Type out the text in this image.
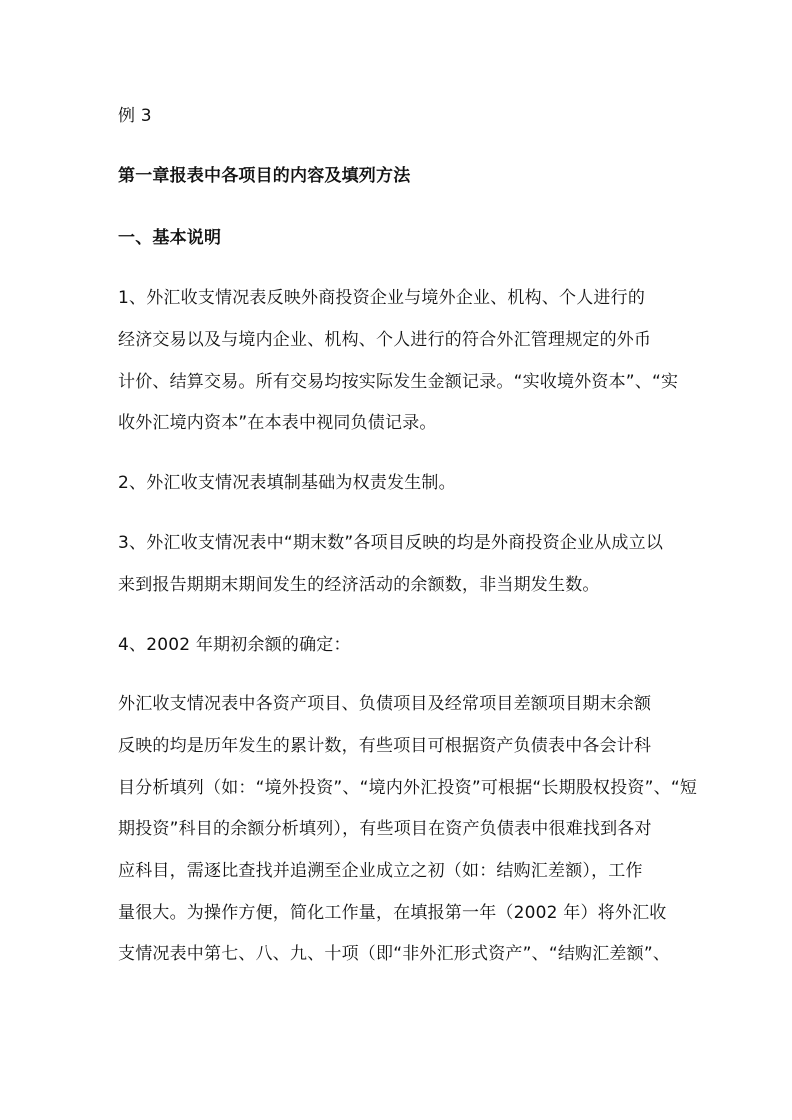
例 3
第一章报表中各项目的内容及填列方法
一、基本说明
1、外汇收支情况表反映外商投资企业与境外企业、机构、个人进行的
经济交易以及与境内企业、机构、个人进行的符合外汇管理规定的外币
计价、结算交易。所有交易均按实际发生金额记录。“实收境外资本”、“实
收外汇境内资本”在本表中视同负债记录。
2、外汇收支情况表填制基础为权责发生制。
3、外汇收支情况表中“期末数”各项目反映的均是外商投资企业从成立以
来到报告期期末期间发生的经济活动的余额数，非当期发生数。
4、2002 年期初余额的确定：
外汇收支情况表中各资产项目、负债项目及经常项目差额项目期末余额
反映的均是历年发生的累计数，有些项目可根据资产负债表中各会计科
目分析填列（如：“境外投资”、“境内外汇投资”可根据“长期股权投资”、“短
期投资”科目的余额分析填列），有些项目在资产负债表中很难找到各对
应科目，需逐比查找并追溯至企业成立之初（如：结购汇差额），工作
量很大。为操作方便，简化工作量，在填报第一年（2002 年）将外汇收
支情况表中第七、八、九、十项（即“非外汇形式资产”、“结购汇差额”、
